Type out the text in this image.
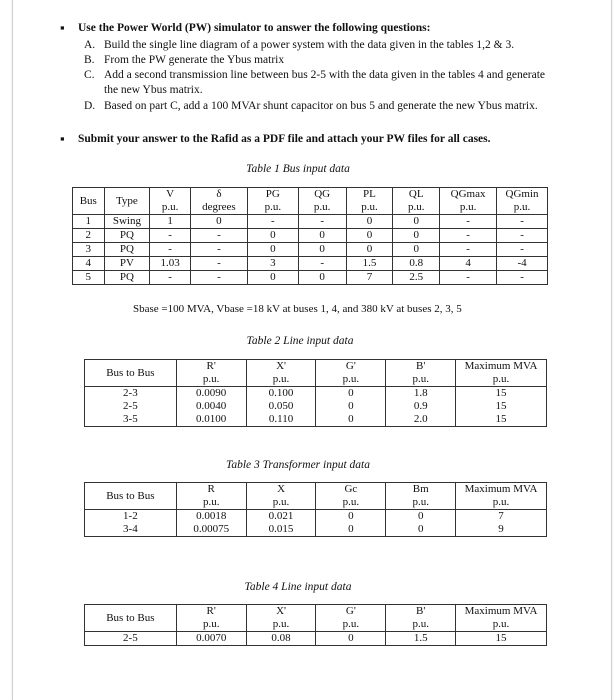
▪ Use the Power World (PW) simulator to answer the following questions:
A. Build the single line diagram of a power system with the data given in the tables 1,2 & 3.
B. From the PW generate the Ybus matrix
C. Add a second transmission line between bus 2-5 with the data given in the tables 4 and generate the new Ybus matrix.
D. Based on part C, add a 100 MVAr shunt capacitor on bus 5 and generate the new Ybus matrix.
▪ Submit your answer to the Rafid as a PDF file and attach your PW files for all cases.
Table 1 Bus input data
Bus	Type	V	δ	PG	QG	PL	QL	QGmax	QGmin
		p.u.	degrees	p.u.	p.u.	p.u.	p.u.	p.u.	p.u.
1	Swing	1	0	-	-	0	0	-	-
2	PQ	-	-	0	0	0	0	-	-
3	PQ	-	-	0	0	0	0	-	-
4	PV	1.03	-	3	-	1.5	0.8	4	-4
5	PQ	-	-	0	0	7	2.5	-	-
Sbase =100 MVA, Vbase =18 kV at buses 1, 4, and 380 kV at buses 2, 3, 5
Table 2 Line input data
Bus to Bus	R'	X'	G'	B'	Maximum MVA
	p.u.	p.u.	p.u.	p.u.	p.u.
2-3	0.0090	0.100	0	1.8	15
2-5	0.0040	0.050	0	0.9	15
3-5	0.0100	0.110	0	2.0	15
Table 3 Transformer input data
Bus to Bus	R	X	Gc	Bm	Maximum MVA
	p.u.	p.u.	p.u.	p.u.	p.u.
1-2	0.0018	0.021	0	0	7
3-4	0.00075	0.015	0	0	9
Table 4 Line input data
Bus to Bus	R'	X'	G'	B'	Maximum MVA
	p.u.	p.u.	p.u.	p.u.	p.u.
2-5	0.0070	0.08	0	1.5	15
